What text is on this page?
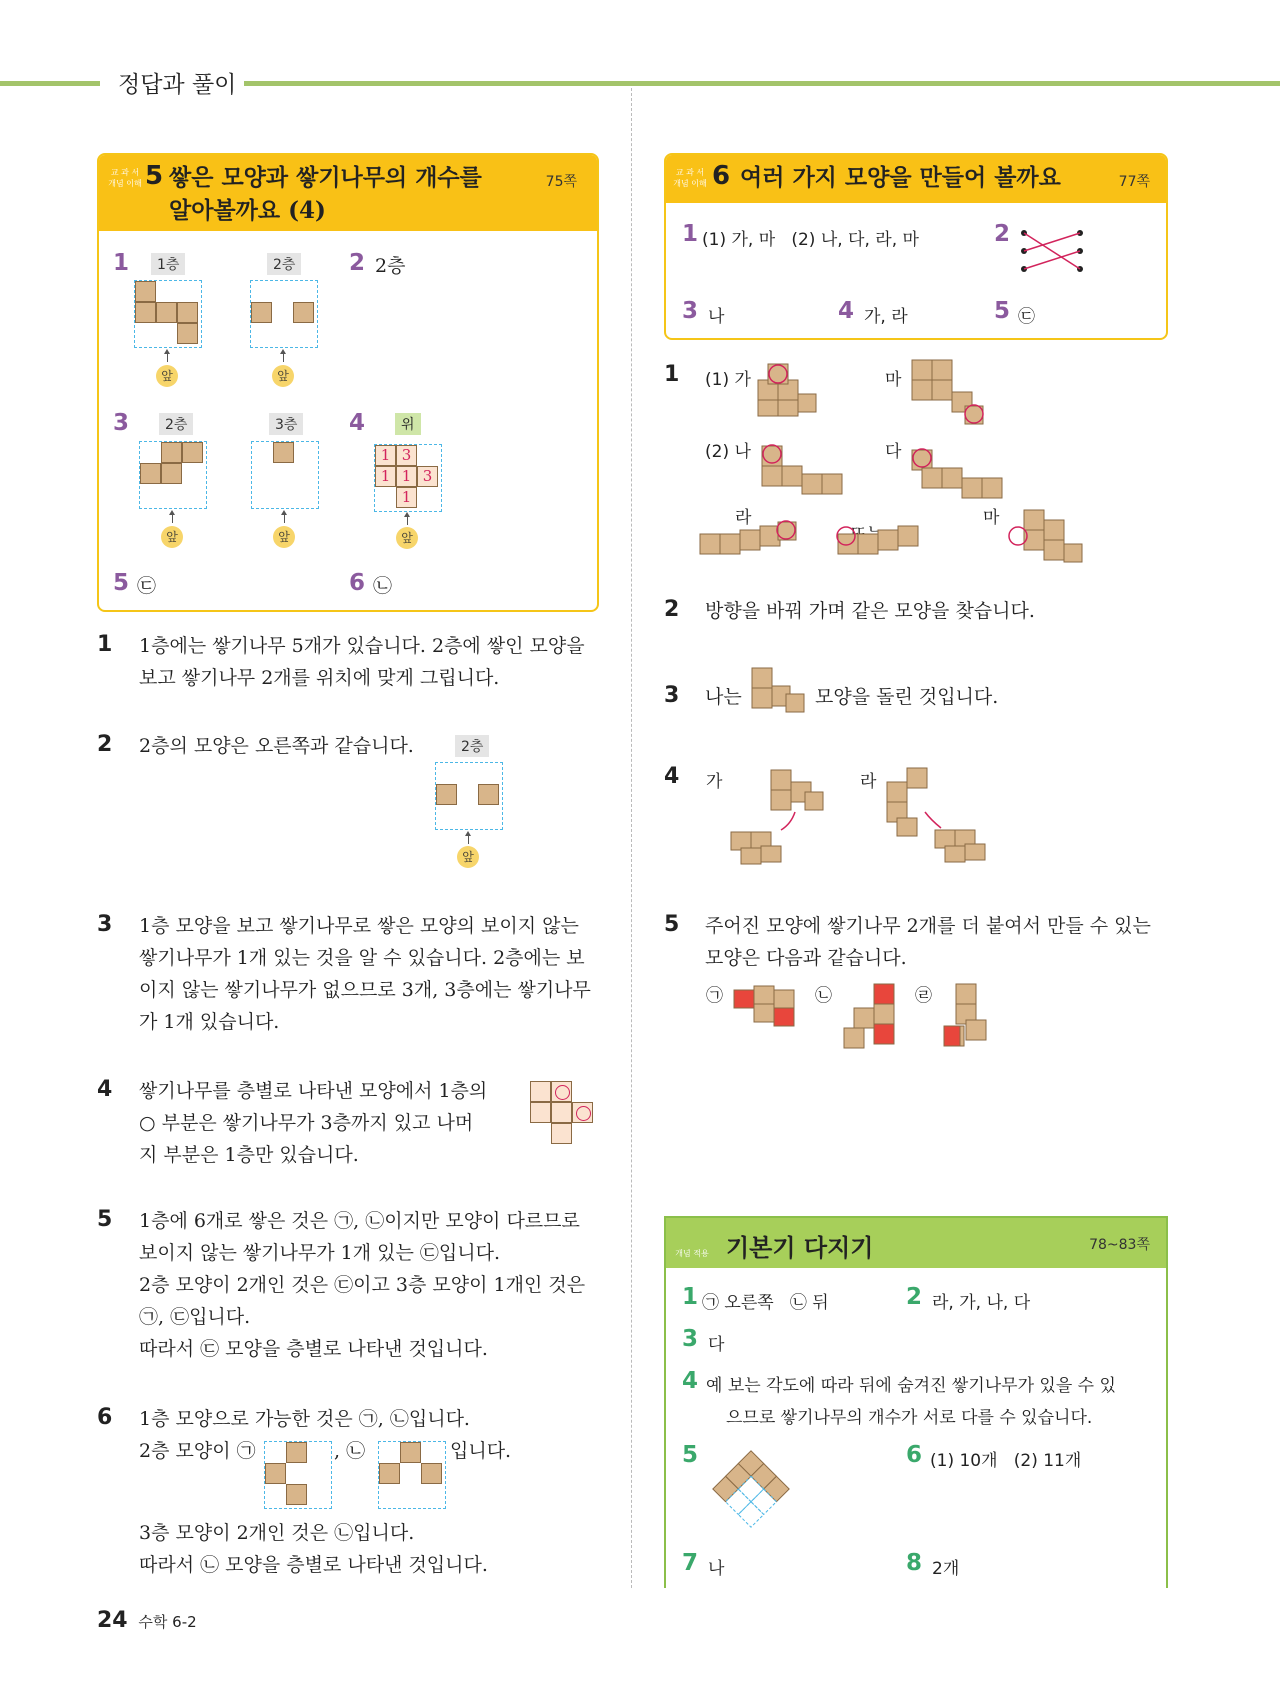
정답과 풀이
교 과 서
개념 이해 5 쌓은 모양과 쌓기나무의 개수를
알아볼까요 (4)
75쪽
1	1층
앞
2층
앞
2 2층
3	2층
앞
3층
앞
4	위
1 3
1 1 3
1
앞
5 ㉢	6 ㉡
1 1층에는 쌓기나무 5개가 있습니다. 2층에 쌓인 모양을
보고 쌓기나무 2개를 위치에 맞게 그립니다.
2 2층의 모양은 오른쪽과 같습니다.	2층
앞
3 1층 모양을 보고 쌓기나무로 쌓은 모양의 보이지 않는
쌓기나무가 1개 있는 것을 알 수 있습니다. 2층에는 보
이지 않는 쌓기나무가 없으므로 3개, 3층에는 쌓기나무
가 1개 있습니다.
4 쌓기나무를 층별로 나타낸 모양에서 1층의
○ 부분은 쌓기나무가 3층까지 있고 나머
지 부분은 1층만 있습니다.
5 1층에 6개로 쌓은 것은 ㉠, ㉡이지만 모양이 다르므로
보이지 않는 쌓기나무가 1개 있는 ㉢입니다.
2층 모양이 2개인 것은 ㉢이고 3층 모양이 1개인 것은
㉠, ㉢입니다.
따라서 ㉢ 모양을 층별로 나타낸 것입니다.
6 1층 모양으로 가능한 것은 ㉠, ㉡입니다.
2층 모양이 ㉠	, ㉡	입니다.
3층 모양이 2개인 것은 ㉡입니다.
따라서 ㉡ 모양을 층별로 나타낸 것입니다.
교 과 서
개념 이해 6 여러 가지 모양을 만들어 볼까요	77쪽
1 (1) 가, 마   (2) 나, 다, 라, 마	2
3 나	4 가, 라	5 ㉢
1 (1) 가	마
(2) 나	다
라	마
2 방향을 바꿔 가며 같은 모양을 찾습니다.
3 나는	모양을 돌린 것입니다.
4 가	라
5 주어진 모양에 쌓기나무 2개를 더 붙여서 만들 수 있는
모양은 다음과 같습니다.
㉠	㉡	㉣
개념 적용 기본기 다지기	78~83쪽
1 ㉠ 오른쪽   ㉡ 뒤	2 라, 가, 나, 다
3 다
4 예 보는 각도에 따라 뒤에 숨겨진 쌓기나무가 있을 수 있
으므로 쌓기나무의 개수가 서로 다를 수 있습니다.
5	6 (1) 10개   (2) 11개
7 나	8 2개
24 수학 6-2
